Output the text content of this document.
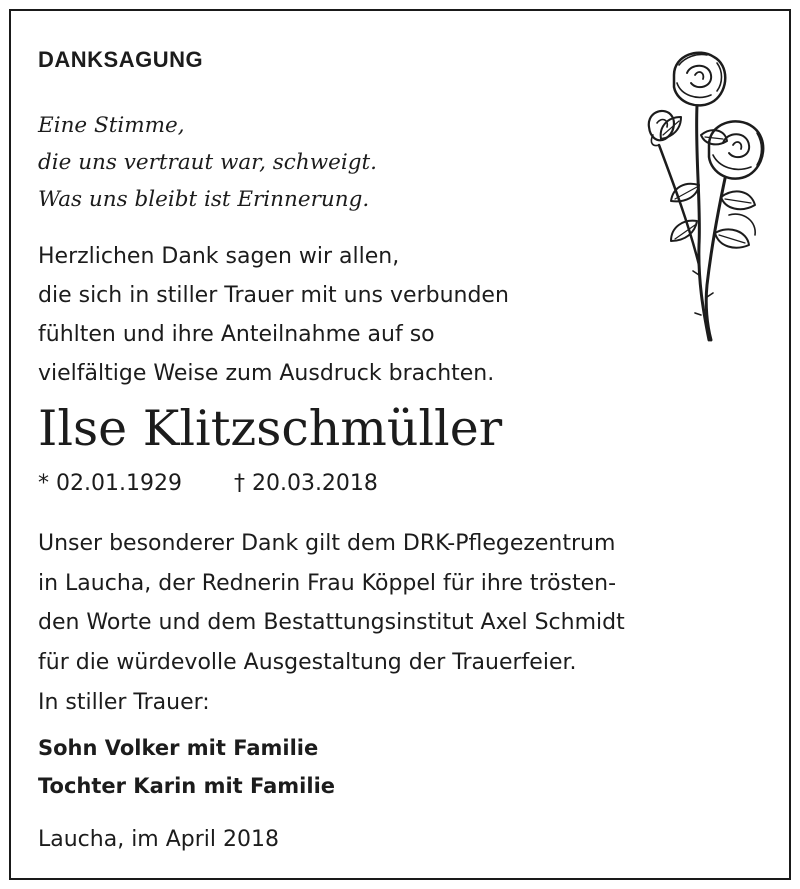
DANKSAGUNG
Eine Stimme,
die uns vertraut war, schweigt.
Was uns bleibt ist Erinnerung.
Herzlichen Dank sagen wir allen,
die sich in stiller Trauer mit uns verbunden
fühlten und ihre Anteilnahme auf so
vielfältige Weise zum Ausdruck brachten.
Ilse Klitzschmüller
* 02.01.1929 † 20.03.2018
Unser besonderer Dank gilt dem DRK-Pflegezentrum
in Laucha, der Rednerin Frau Köppel für ihre trösten-
den Worte und dem Bestattungsinstitut Axel Schmidt
für die würdevolle Ausgestaltung der Trauerfeier.
In stiller Trauer:
Sohn Volker mit Familie
Tochter Karin mit Familie
Laucha, im April 2018
